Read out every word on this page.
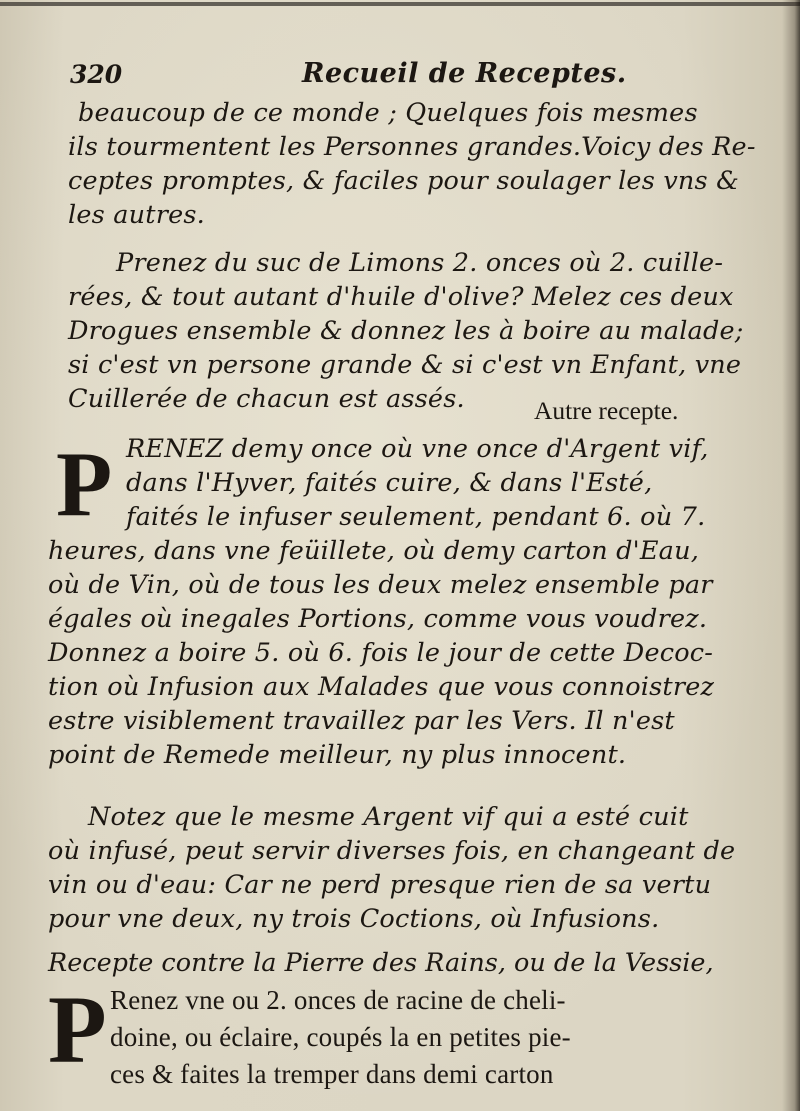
320	Recueil de Receptes.
beaucoup de ce monde ; Quelques fois mesmes
ils tourmentent les Personnes grandes.Voicy des Re-
ceptes promptes, & faciles pour soulager les vns &
les autres.
Prenez du suc de Limons 2. onces où 2. cuille-
rées, & tout autant d'huile d'olive? Melez ces deux
Drogues ensemble & donnez les à boire au malade;
si c'est vn persone grande & si c'est vn Enfant, vne
Cuillerée de chacun est assés.	Autre recepte.
P RENEZ demy once où vne once d'Argent vif,
dans l'Hyver, faités cuire, & dans l'Esté,
faités le infuser seulement, pendant 6. où 7.
heures, dans vne feüillete, où demy carton d'Eau,
où de Vin, où de tous les deux melez ensemble par
égales où inegales Portions, comme vous voudrez.
Donnez a boire 5. où 6. fois le jour de cette Decoc-
tion où Infusion aux Malades que vous connoistrez
estre visiblement travaillez par les Vers. Il n'est
point de Remede meilleur, ny plus innocent.
Notez que le mesme Argent vif qui a esté cuit
où infusé, peut servir diverses fois, en changeant de
vin ou d'eau: Car ne perd presque rien de sa vertu
pour vne deux, ny trois Coctions, où Infusions.
Recepte contre la Pierre des Rains, ou de la Vessie,
P Renez vne ou 2. onces de racine de cheli-
doine, ou éclaire, coupés la en petites pie-
ces & faites la tremper dans demi carton
